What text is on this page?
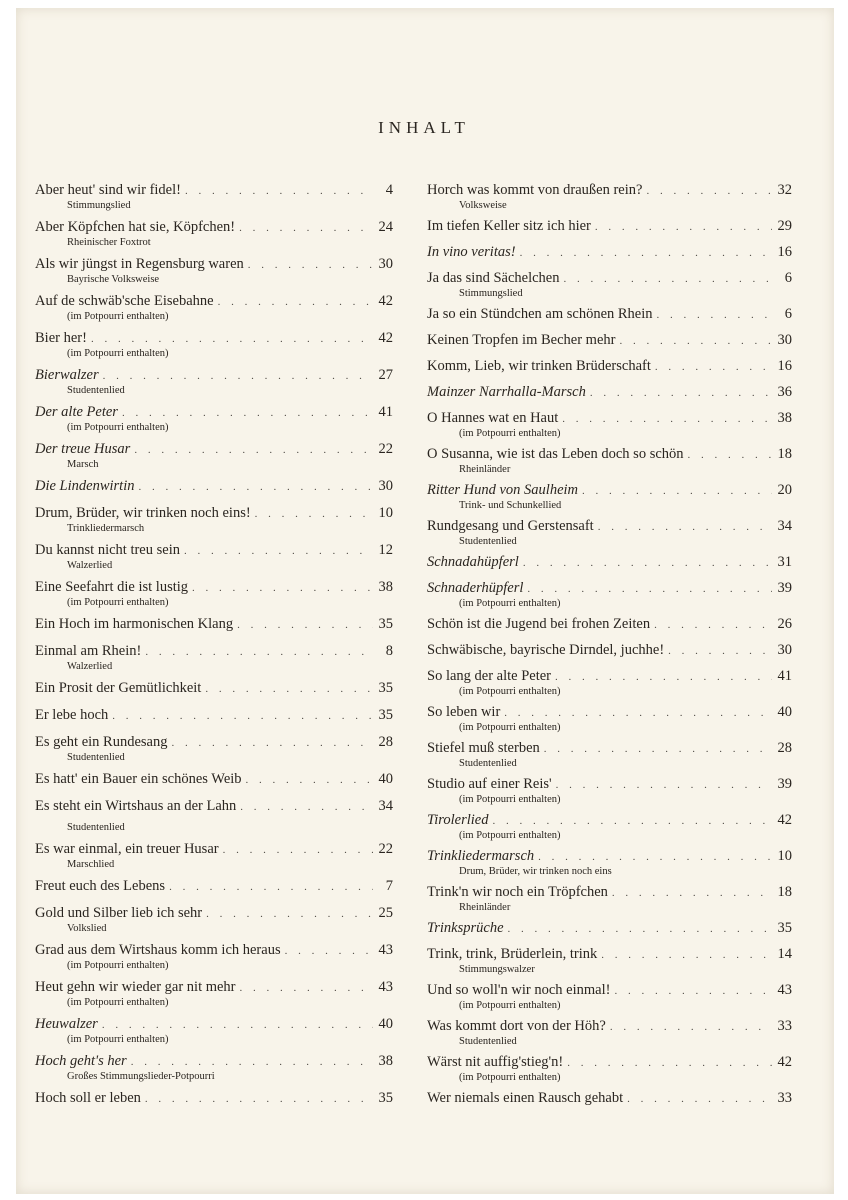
INHALT
Aber heut' sind wir fidel! . . .	4
Stimmungslied
Aber Köpfchen hat sie, Köpfchen! . . .	24
Rheinischer Foxtrot
Als wir jüngst in Regensburg waren . . .	30
Bayrische Volksweise
Auf de schwäb'sche Eisebahne . . .	42
(im Potpourri enthalten)
Bier her! . . .	42
(im Potpourri enthalten)
Bierwalzer . . .	27
Studentenlied
Der alte Peter . . .	41
(im Potpourri enthalten)
Der treue Husar . . .	22
Marsch
Die Lindenwirtin . . .	30
Drum, Brüder, wir trinken noch eins! . . .	10
Trinkliedermarsch
Du kannst nicht treu sein . . .	12
Walzerlied
Eine Seefahrt die ist lustig . . .	38
(im Potpourri enthalten)
Ein Hoch im harmonischen Klang . . .	35
Einmal am Rhein! . . .	8
Walzerlied
Ein Prosit der Gemütlichkeit . . .	35
Er lebe hoch . . .	35
Es geht ein Rundesang . . .	28
Studentenlied
Es hatt' ein Bauer ein schönes Weib . . .	40
Es steht ein Wirtshaus an der Lahn . . .	34
Studentenlied
Es war einmal, ein treuer Husar . . .	22
Marschlied
Freut euch des Lebens . . .	7
Gold und Silber lieb ich sehr . . .	25
Volkslied
Grad aus dem Wirtshaus komm ich heraus . . .	43
(im Potpourri enthalten)
Heut gehn wir wieder gar nit mehr . . .	43
(im Potpourri enthalten)
Heuwalzer . . .	40
(im Potpourri enthalten)
Hoch geht's her . . .	38
Großes Stimmungslieder-Potpourri
Hoch soll er leben . . .	35
Horch was kommt von draußen rein? . . .	32
Volksweise
Im tiefen Keller sitz ich hier . . .	29
In vino veritas! . . .	16
Ja das sind Sächelchen . . .	6
Stimmungslied
Ja so ein Stündchen am schönen Rhein . . .	6
Keinen Tropfen im Becher mehr . . .	30
Komm, Lieb, wir trinken Brüderschaft . . .	16
Mainzer Narrhalla-Marsch . . .	36
O Hannes wat en Haut . . .	38
(im Potpourri enthalten)
O Susanna, wie ist das Leben doch so schön . . .	18
Rheinländer
Ritter Hund von Saulheim . . .	20
Trink- und Schunkellied
Rundgesang und Gerstensaft . . .	34
Studentenlied
Schnadahüpferl . . .	31
Schnaderhüpferl . . .	39
(im Potpourri enthalten)
Schön ist die Jugend bei frohen Zeiten . . .	26
Schwäbische, bayrische Dirndel, juchhe! . . .	30
So lang der alte Peter . . .	41
(im Potpourri enthalten)
So leben wir . . .	40
(im Potpourri enthalten)
Stiefel muß sterben . . .	28
Studentenlied
Studio auf einer Reis' . . .	39
(im Potpourri enthalten)
Tirolerlied . . .	42
(im Potpourri enthalten)
Trinkliedermarsch . . .	10
Drum, Brüder, wir trinken noch eins
Trink'n wir noch ein Tröpfchen . . .	18
Rheinländer
Trinksprüche . . .	35
Trink, trink, Brüderlein, trink . . .	14
Stimmungswalzer
Und so woll'n wir noch einmal! . . .	43
(im Potpourri enthalten)
Was kommt dort von der Höh? . . .	33
Studentenlied
Wärst nit auffig'stieg'n! . . .	42
(im Potpourri enthalten)
Wer niemals einen Rausch gehabt . . .	33
